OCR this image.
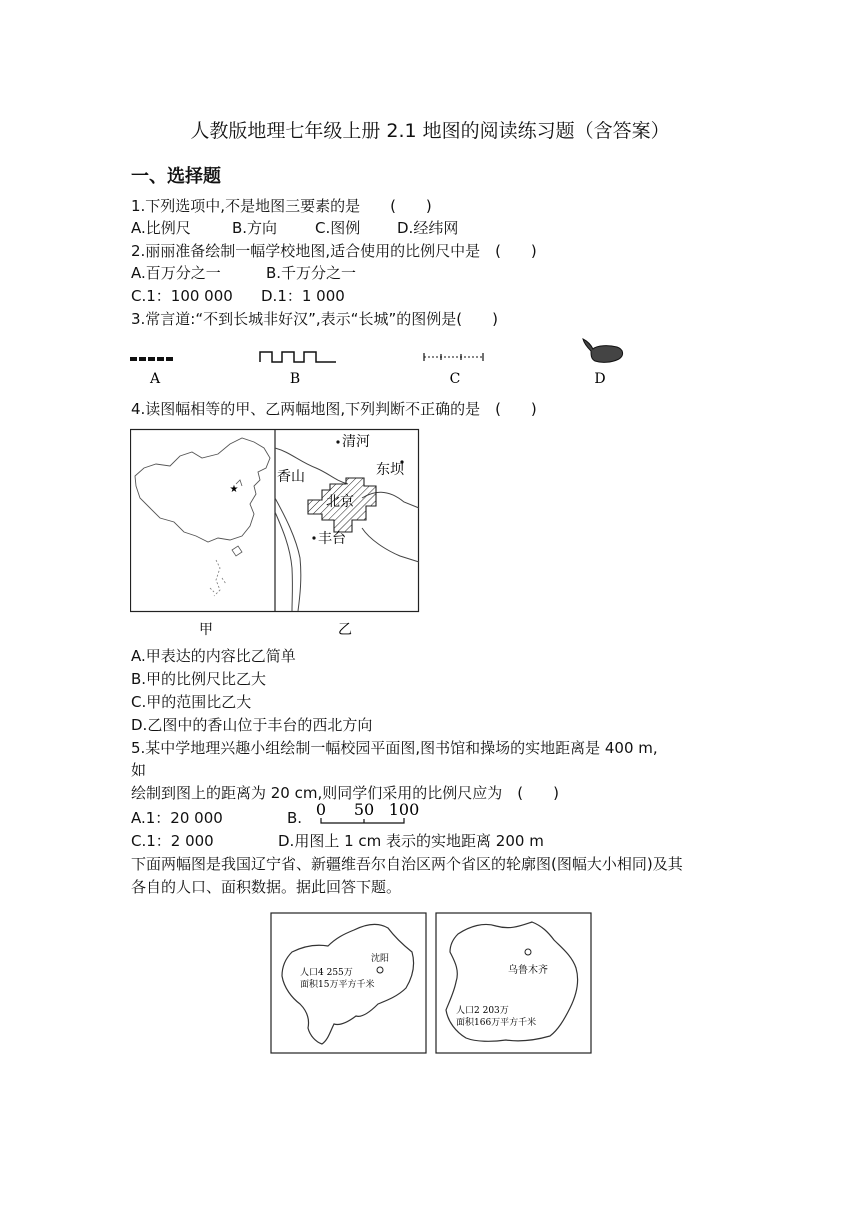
人教版地理七年级上册 2.1 地图的阅读练习题（含答案）
一、选择题
1.下列选项中,不是地图三要素的是　　(　　)
A.比例尺	B.方向	C.图例 D.经纬网
2.丽丽准备绘制一幅学校地图,适合使用的比例尺中是　(　　)
A.百万分之一	B.千万分之一
C.1：100 000 D.1：1 000
3.常言道:“不到长城非好汉”,表示“长城”的图例是(　　)
A	B	C	D
4.读图幅相等的甲、乙两幅地图,下列判断不正确的是　(　　)
★
清河
香山	东坝
北京
丰台
甲	乙
A.甲表达的内容比乙简单
B.甲的比例尺比乙大
C.甲的范围比乙大
D.乙图中的香山位于丰台的西北方向
5.某中学地理兴趣小组绘制一幅校园平面图,图书馆和操场的实地距离是 400 m,
如
绘制到图上的距离为 20 cm,则同学们采用的比例尺应为　(　　)
A.1：20 000	B. 0 50 100
C.1：2 000	D.用图上 1 cm 表示的实地距离 200 m
下面两幅图是我国辽宁省、新疆维吾尔自治区两个省区的轮廓图(图幅大小相同)及其
各自的人口、面积数据。据此回答下题。
沈阳
人口4 255万
面积15万平方千米
乌鲁木齐
人口2 203万
面积166万平方千米
